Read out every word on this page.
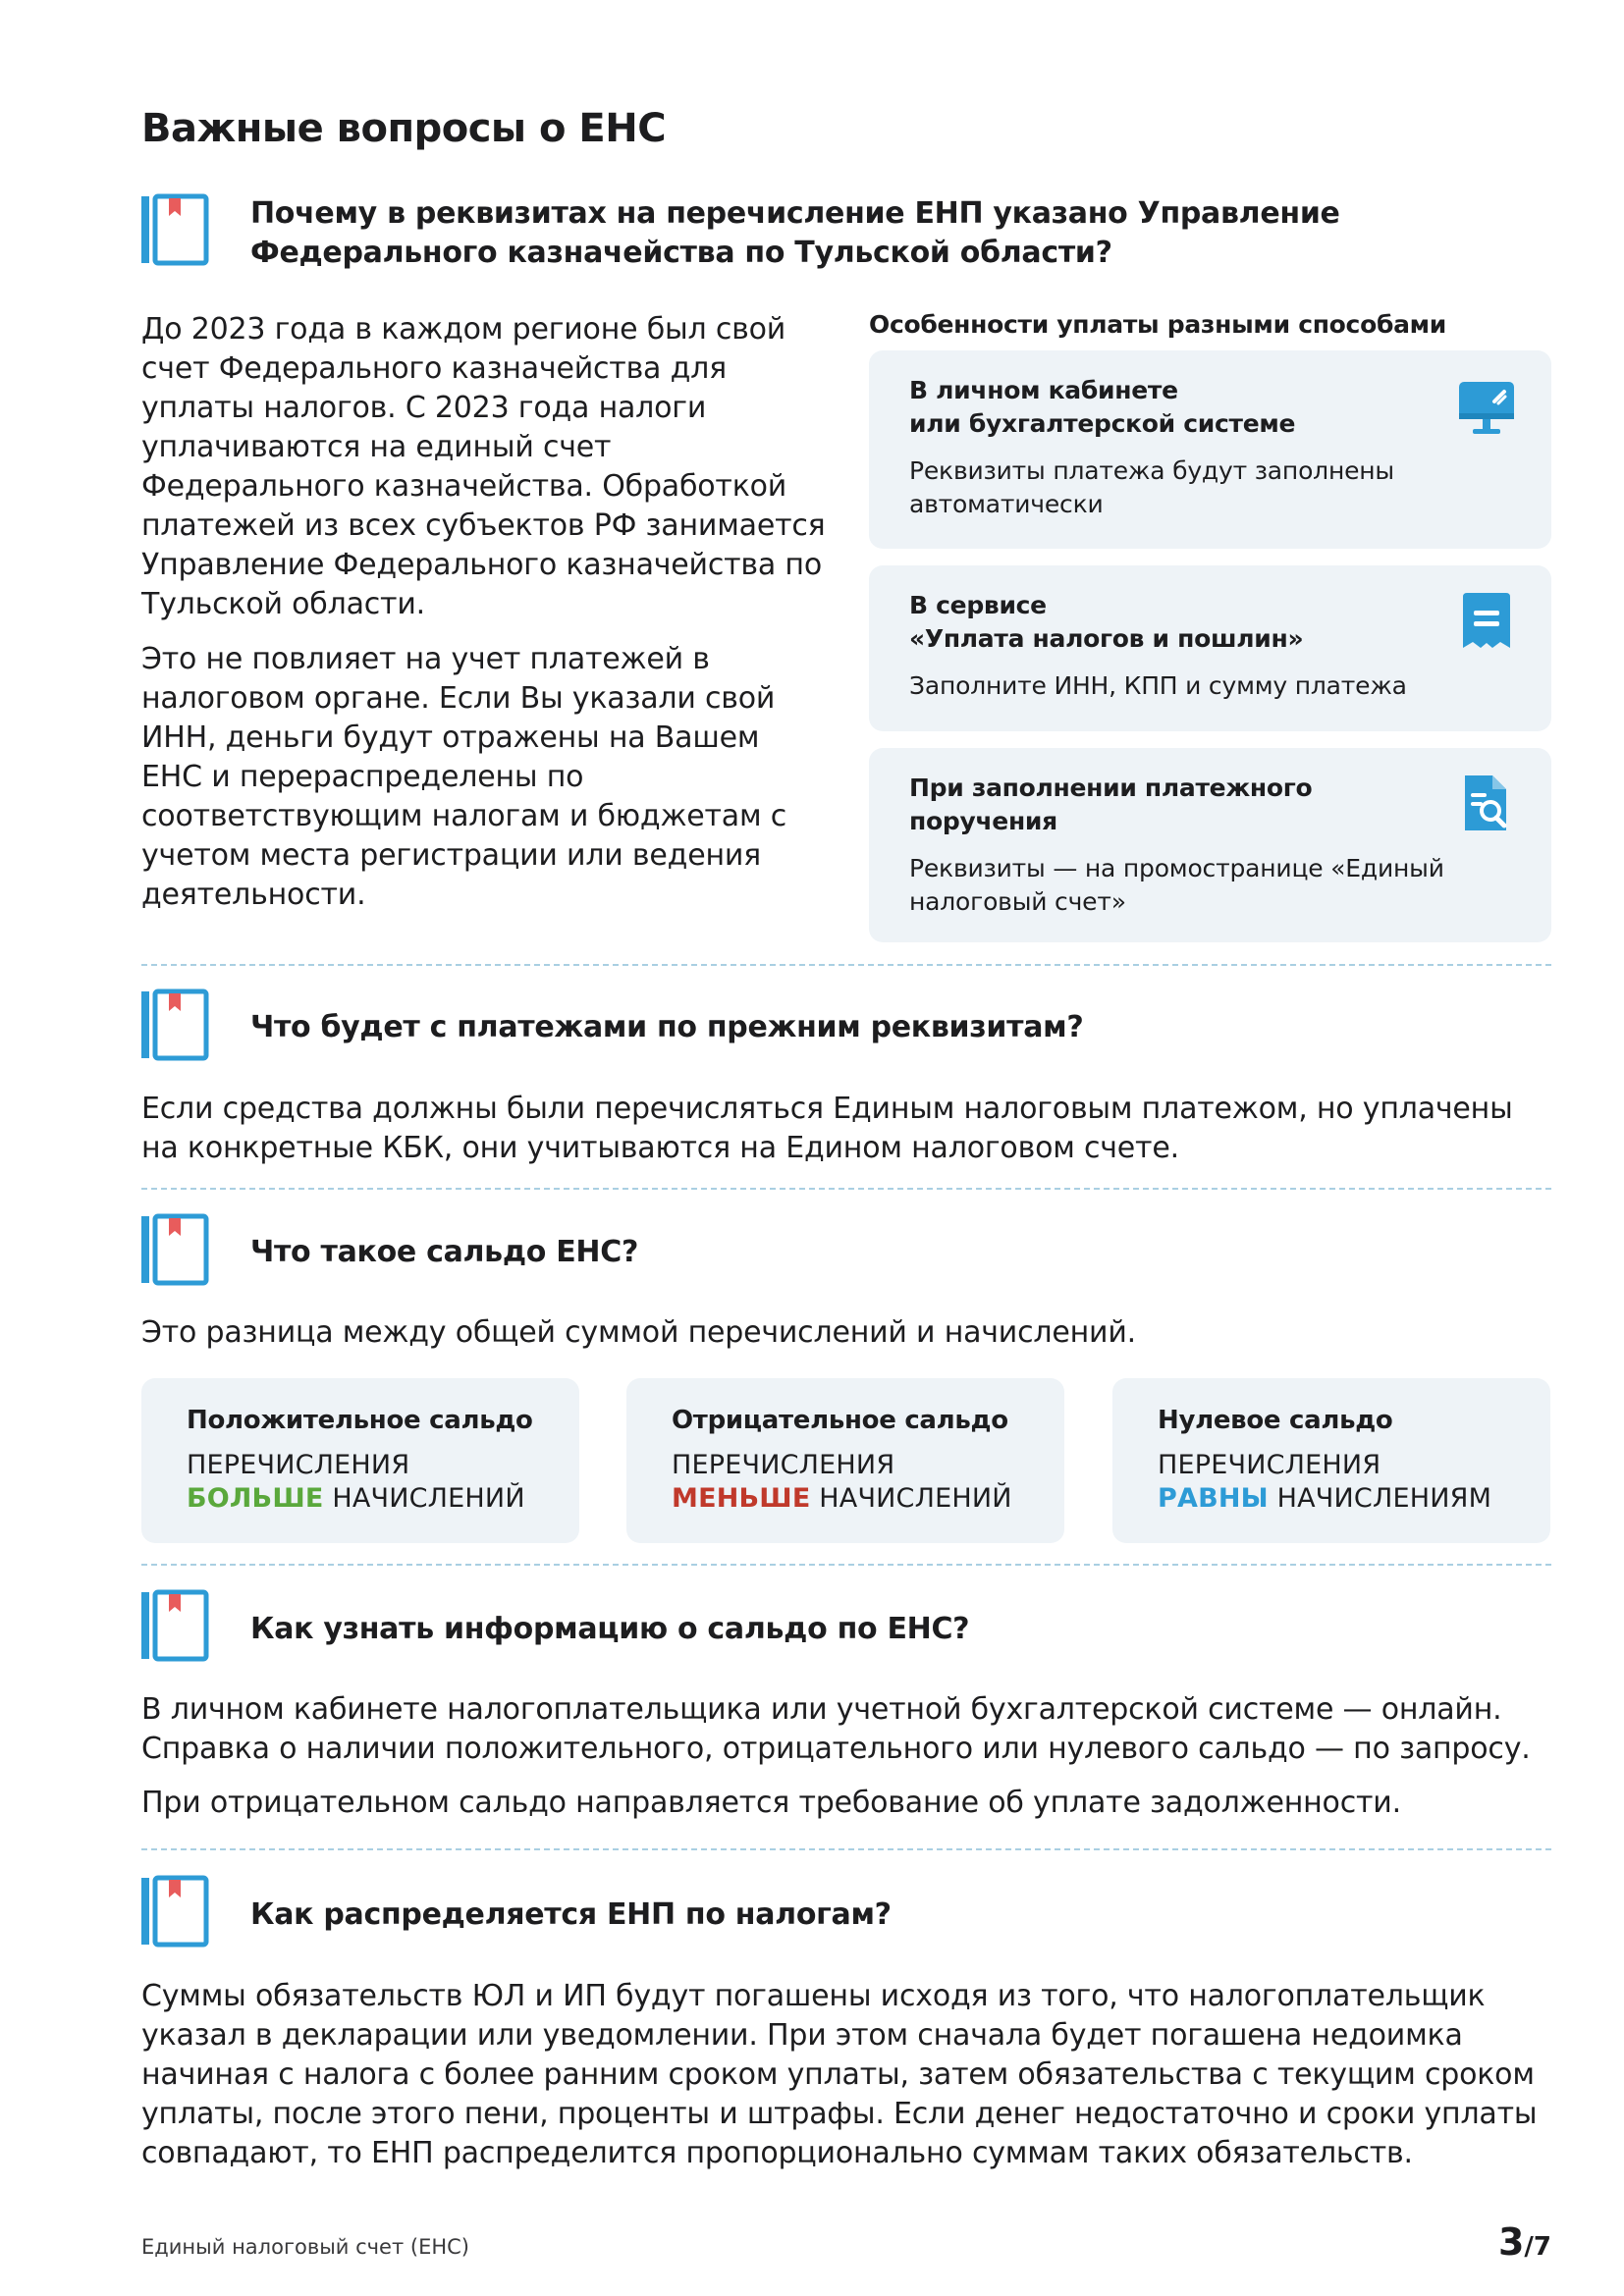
Важные вопросы о ЕНС
Почему в реквизитах на перечисление ЕНП указано Управление Федерального казначейства по Тульской области?

До 2023 года в каждом регионе был свой счет Федерального казначейства для уплаты налогов. С 2023 года налоги уплачиваются на единый счет Федерального казначейства. Обработкой платежей из всех субъектов РФ занимается Управление Федерального казначейства по Тульской области.

Это не повлияет на учет платежей в налоговом органе. Если Вы указали свой ИНН, деньги будут отражены на Вашем ЕНС и перераспределены по соответствующим налогам и бюджетам с учетом места регистрации или ведения деятельности.

Особенности уплаты разными способами
В личном кабинете
или бухгалтерской системе
Реквизиты платежа будут заполнены автоматически
В сервисе
«Уплата налогов и пошлин»
Заполните ИНН, КПП и сумму платежа
При заполнении платежного
поручения
Реквизиты — на промостранице «Единый налоговый счет»
Что будет с платежами по прежним реквизитам?
Если средства должны были перечисляться Единым налоговым платежом, но уплачены на конкретные КБК, они учитываются на Едином налоговом счете.
Что такое сальдо ЕНС?
Это разница между общей суммой перечислений и начислений.
Положительное сальдо
ПЕРЕЧИСЛЕНИЯ
БОЛЬШЕ НАЧИСЛЕНИЙ
Отрицательное сальдо
ПЕРЕЧИСЛЕНИЯ
МЕНЬШЕ НАЧИСЛЕНИЙ
Нулевое сальдо
ПЕРЕЧИСЛЕНИЯ
РАВНЫ НАЧИСЛЕНИЯМ
Как узнать информацию о сальдо по ЕНС?

В личном кабинете налогоплательщика или учетной бухгалтерской системе — онлайн. Справка о наличии положительного, отрицательного или нулевого сальдо — по запросу.

При отрицательном сальдо направляется требование об уплате задолженности.

Как распределяется ЕНП по налогам?
Суммы обязательств ЮЛ и ИП будут погашены исходя из того, что налогоплательщик указал в декларации или уведомлении. При этом сначала будет погашена недоимка начиная с налога с более ранним сроком уплаты, затем обязательства с текущим сроком уплаты, после этого пени, проценты и штрафы. Если денег недостаточно и сроки уплаты совпадают, то ЕНП распределится пропорционально суммам таких обязательств.
Единый налоговый счет (ЕНС)	3/7
